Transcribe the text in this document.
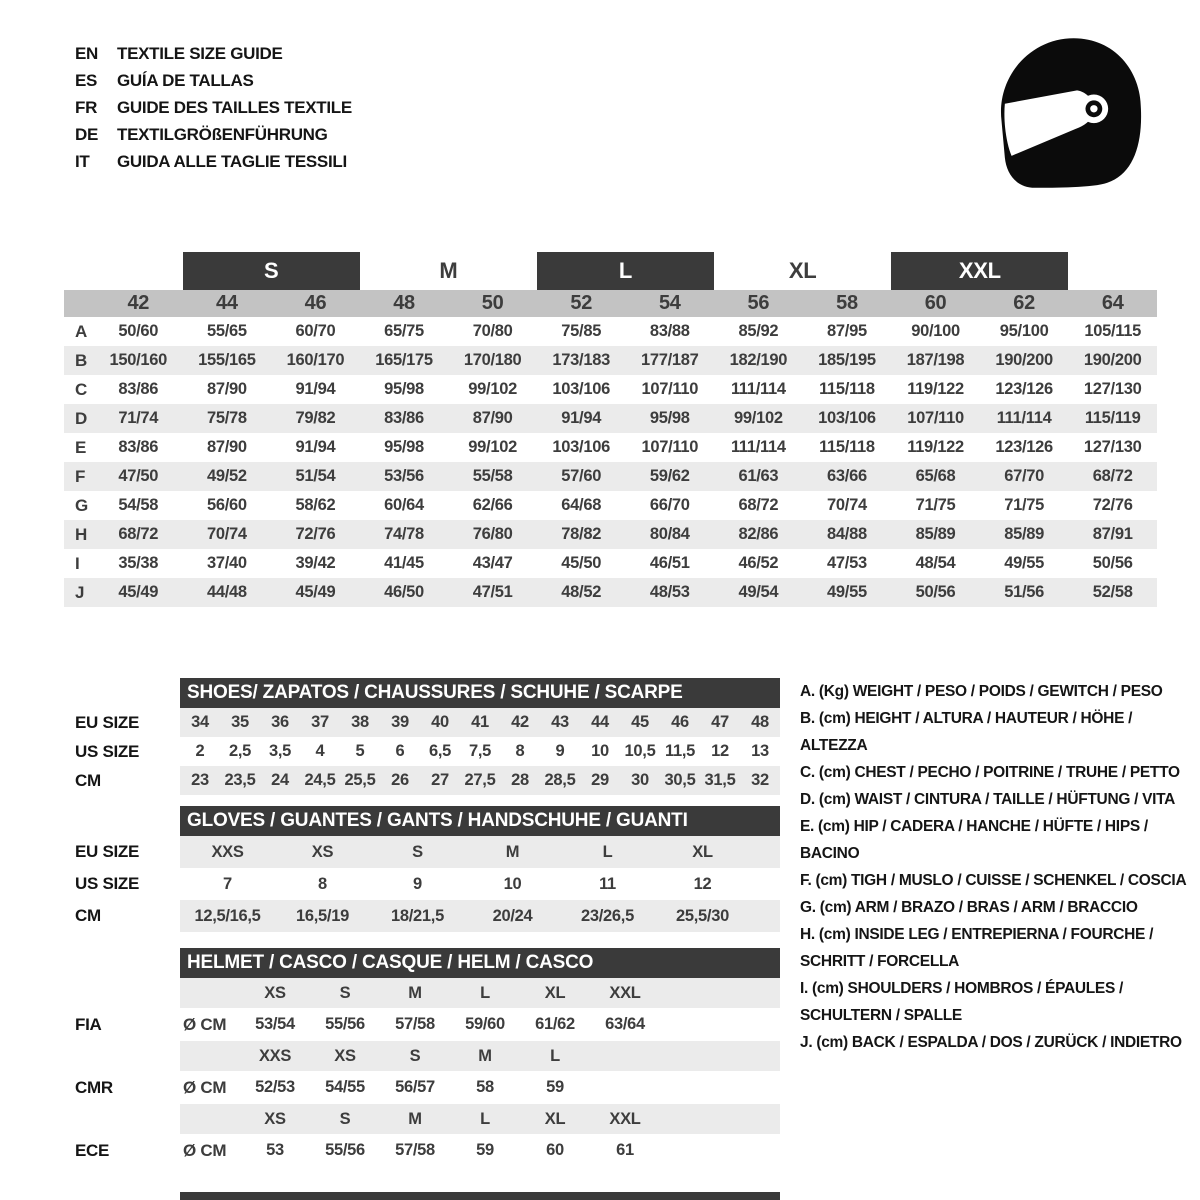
EN	TEXTILE SIZE GUIDE
ES	GUÍA DE TALLAS
FR	GUIDE DES TAILLES TEXTILE
DE	TEXTILGRÖßENFÜHRUNG
IT	GUIDA ALLE TAGLIE TESSILI
S	M	L	XL	XXL
42	44	46	48	50	52	54	56	58	60	62	64
A	50/60	55/65	60/70	65/75	70/80	75/85	83/88	85/92	87/95	90/100	95/100	105/115
B	150/160	155/165	160/170	165/175	170/180	173/183	177/187	182/190	185/195	187/198	190/200	190/200
C	83/86	87/90	91/94	95/98	99/102	103/106	107/110	111/114	115/118	119/122	123/126	127/130
D	71/74	75/78	79/82	83/86	87/90	91/94	95/98	99/102	103/106	107/110	111/114	115/119
E	83/86	87/90	91/94	95/98	99/102	103/106	107/110	111/114	115/118	119/122	123/126	127/130
F	47/50	49/52	51/54	53/56	55/58	57/60	59/62	61/63	63/66	65/68	67/70	68/72
G	54/58	56/60	58/62	60/64	62/66	64/68	66/70	68/72	70/74	71/75	71/75	72/76
H	68/72	70/74	72/76	74/78	76/80	78/82	80/84	82/86	84/88	85/89	85/89	87/91
I	35/38	37/40	39/42	41/45	43/47	45/50	46/51	46/52	47/53	48/54	49/55	50/56
J	45/49	44/48	45/49	46/50	47/51	48/52	48/53	49/54	49/55	50/56	51/56	52/58
SHOES/ ZAPATOS / CHAUSSURES / SCHUHE / SCARPE
EU SIZE	34	35	36	37	38	39	40	41	42	43	44	45	46	47	48
US SIZE	2	2,5	3,5	4	5	6	6,5	7,5	8	9	10 10,5 11,5 12	13
CM	23 23,5 24 24,5 25,5 26	27 27,5 28 28,5 29	30 30,5 31,5 32
GLOVES / GUANTES / GANTS / HANDSCHUHE / GUANTI
EU SIZE	XXS	XS	S	M	L	XL
US SIZE	7	8	9	10	11	12
CM	12,5/16,5	16,5/19	18/21,5	20/24	23/26,5	25,5/30
HELMET / CASCO / CASQUE / HELM / CASCO
XS	S	M	L	XL	XXL
FIA	Ø CM	53/54	55/56	57/58	59/60	61/62	63/64
XXS	XS	S	M	L
CMR	Ø CM	52/53	54/55	56/57	58	59
XS	S	M	L	XL	XXL
ECE	Ø CM	53	55/56	57/58	59	60	61
A. (Kg) WEIGHT / PESO / POIDS / GEWITCH / PESO
B. (cm) HEIGHT / ALTURA / HAUTEUR / HÖHE / ALTEZZA
C. (cm) CHEST / PECHO / POITRINE / TRUHE / PETTO
D. (cm) WAIST / CINTURA / TAILLE / HÜFTUNG / VITA
E. (cm) HIP / CADERA / HANCHE / HÜFTE / HIPS / BACINO
F. (cm) TIGH / MUSLO / CUISSE / SCHENKEL / COSCIA
G. (cm) ARM / BRAZO / BRAS / ARM / BRACCIO
H. (cm) INSIDE LEG / ENTREPIERNA / FOURCHE / SCHRITT / FORCELLA
I. (cm) SHOULDERS / HOMBROS / ÉPAULES / SCHULTERN / SPALLE
J. (cm) BACK / ESPALDA / DOS / ZURÜCK / INDIETRO
